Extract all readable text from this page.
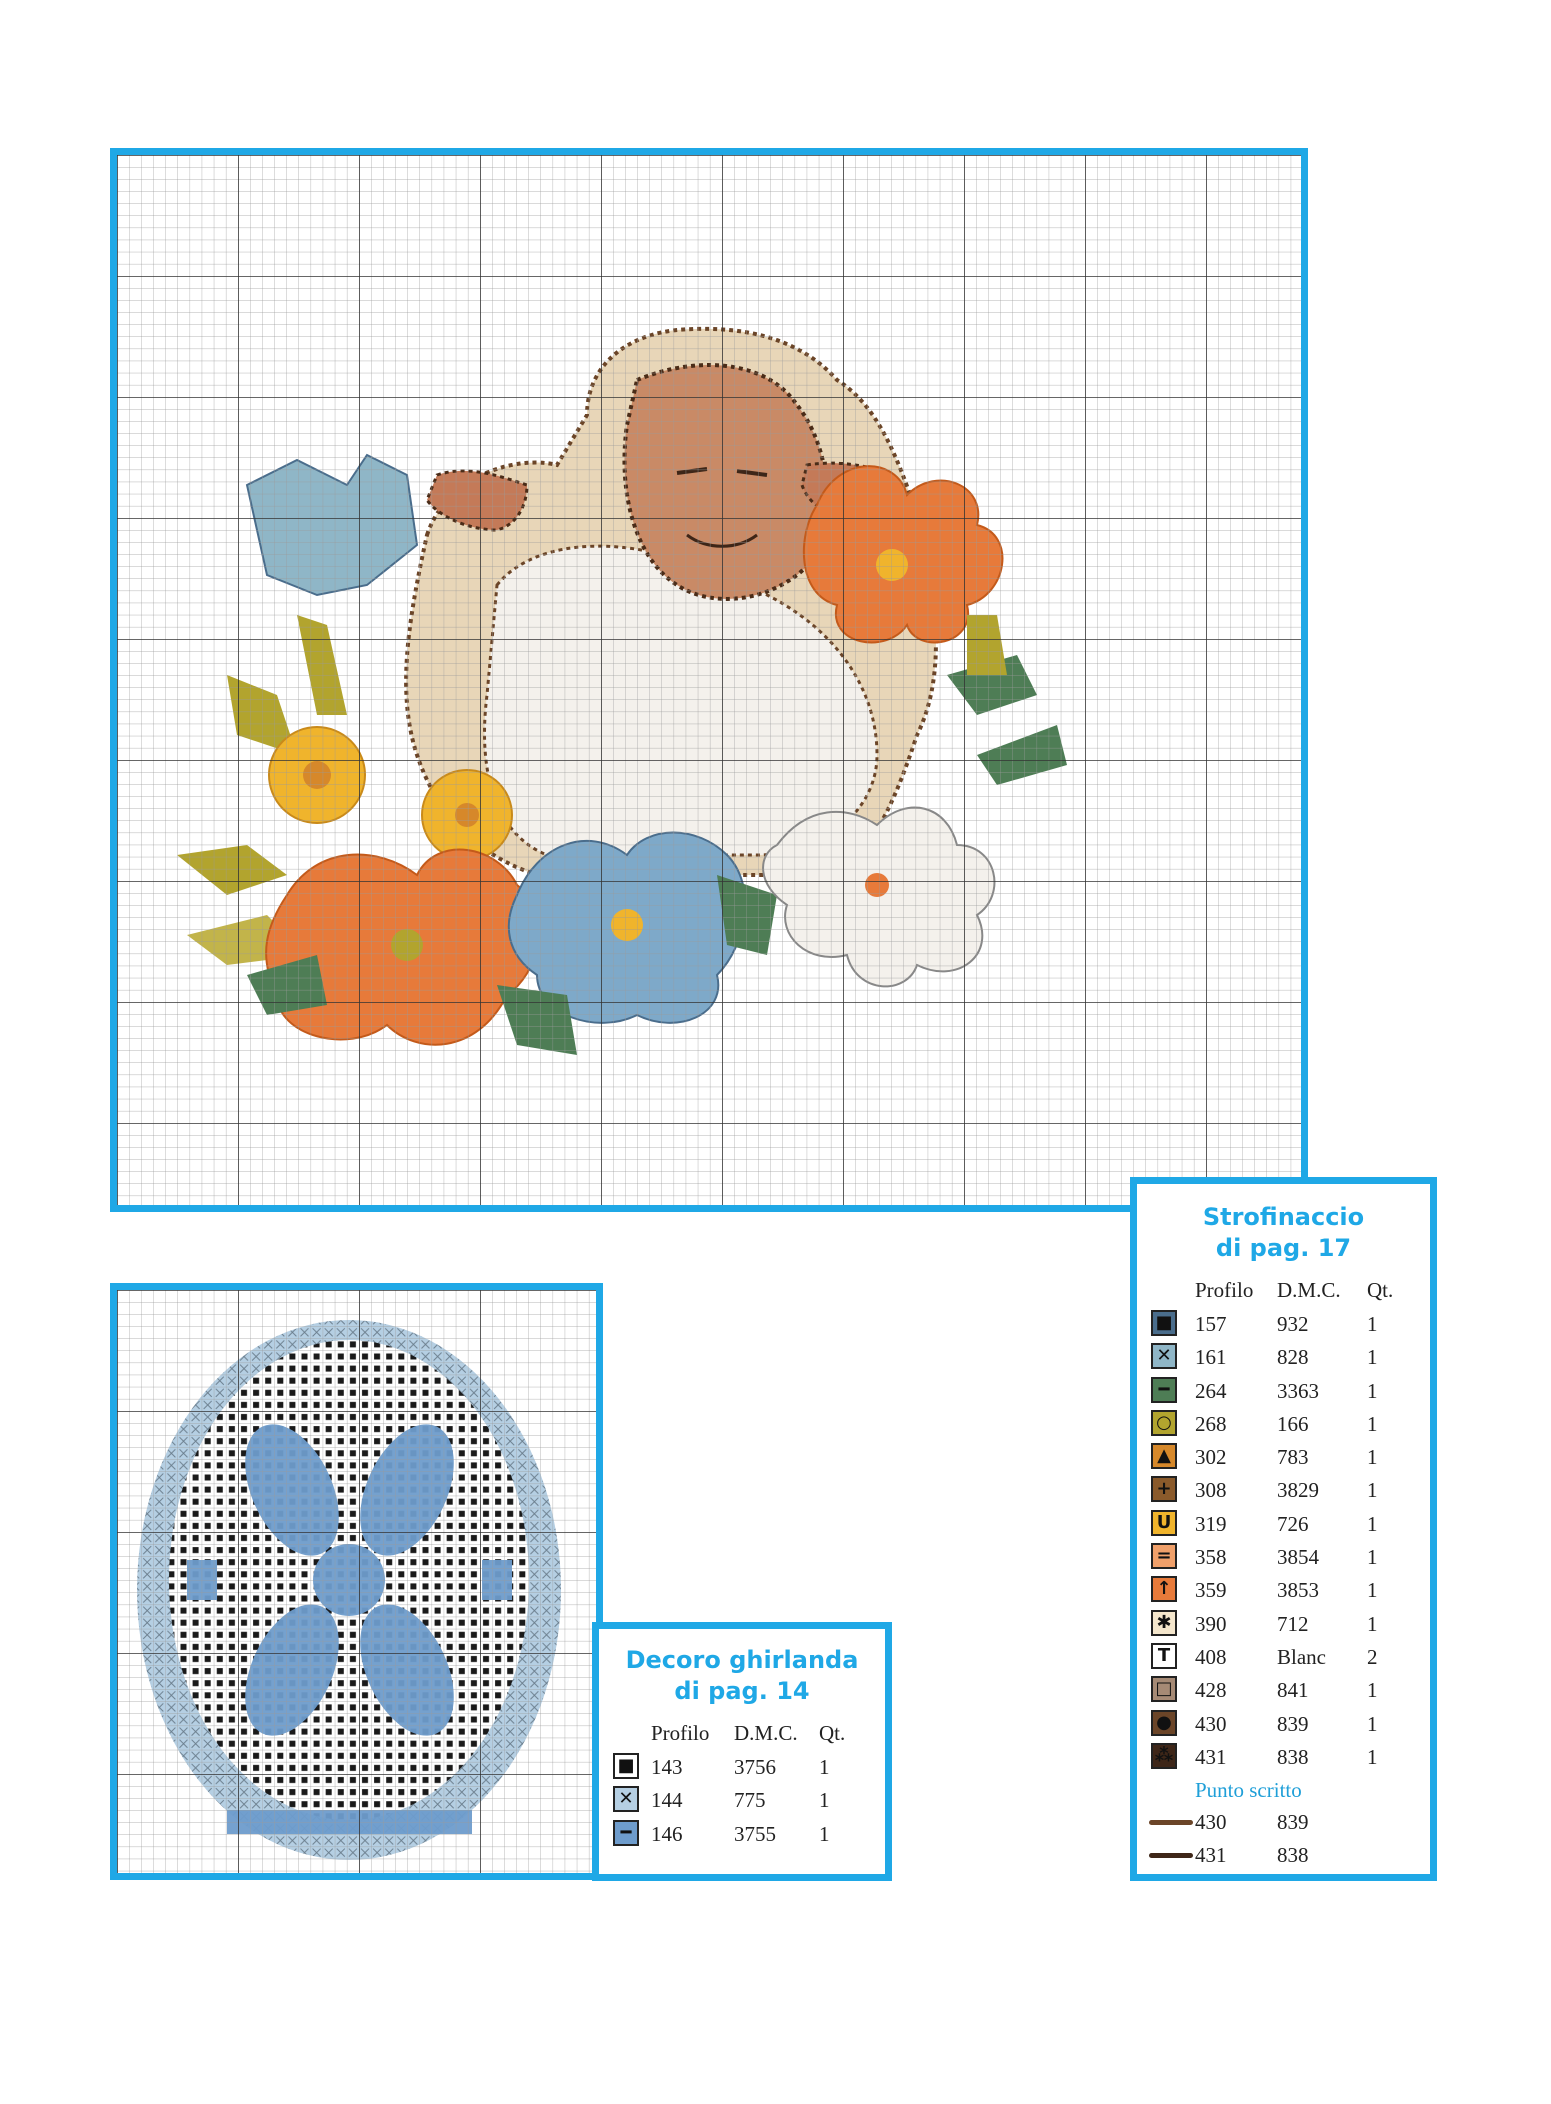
Strofinaccio
di pag. 17
Profilo D.M.C. Qt.
■ 157 932	1
✕ 161 828	1
━	264 3363 1
○ 268 166	1
▲ 302 783	1
+ 308 3829 1
U 319 726	1
= 358 3854 1
↑ 359 3853 1
✱ 390 712	1
T	408 Blanc 2
□ 428 841	1
● 430 839	1
⁂ 431 838	1
Punto scritto
430 839
431 838
Decoro ghirlanda
di pag. 14
Profilo D.M.C. Qt.
■ 143 3756 1
✕ 144 775	1
━ 146 3755 1
